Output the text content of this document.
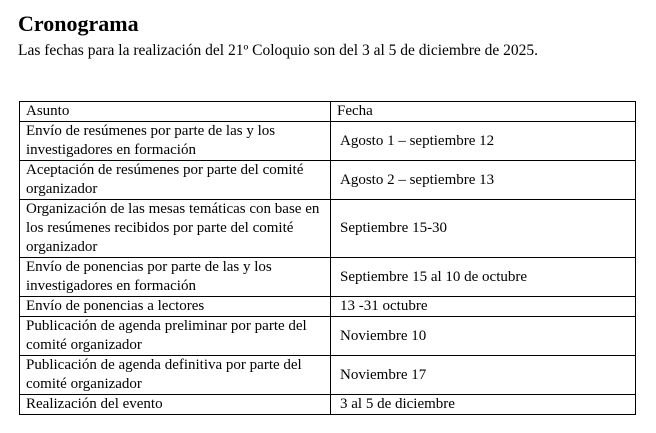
Cronograma

Las fechas para la realización del 21º Coloquio son del 3 al 5 de diciembre de 2025.

Asunto	Fecha
Envío de resúmenes por parte de las y los investigadores en formación	Agosto 1 – septiembre 12
Aceptación de resúmenes por parte del comité organizador	Agosto 2 – septiembre 13
Organización de las mesas temáticas con base en los resúmenes recibidos por parte del comité organizador	Septiembre 15-30
Envío de ponencias por parte de las y los investigadores en formación	Septiembre 15 al 10 de octubre
Envío de ponencias a lectores	13 -31 octubre
Publicación de agenda preliminar por parte del comité organizador	Noviembre 10
Publicación de agenda definitiva por parte del comité organizador	Noviembre 17
Realización del evento	3 al 5 de diciembre
